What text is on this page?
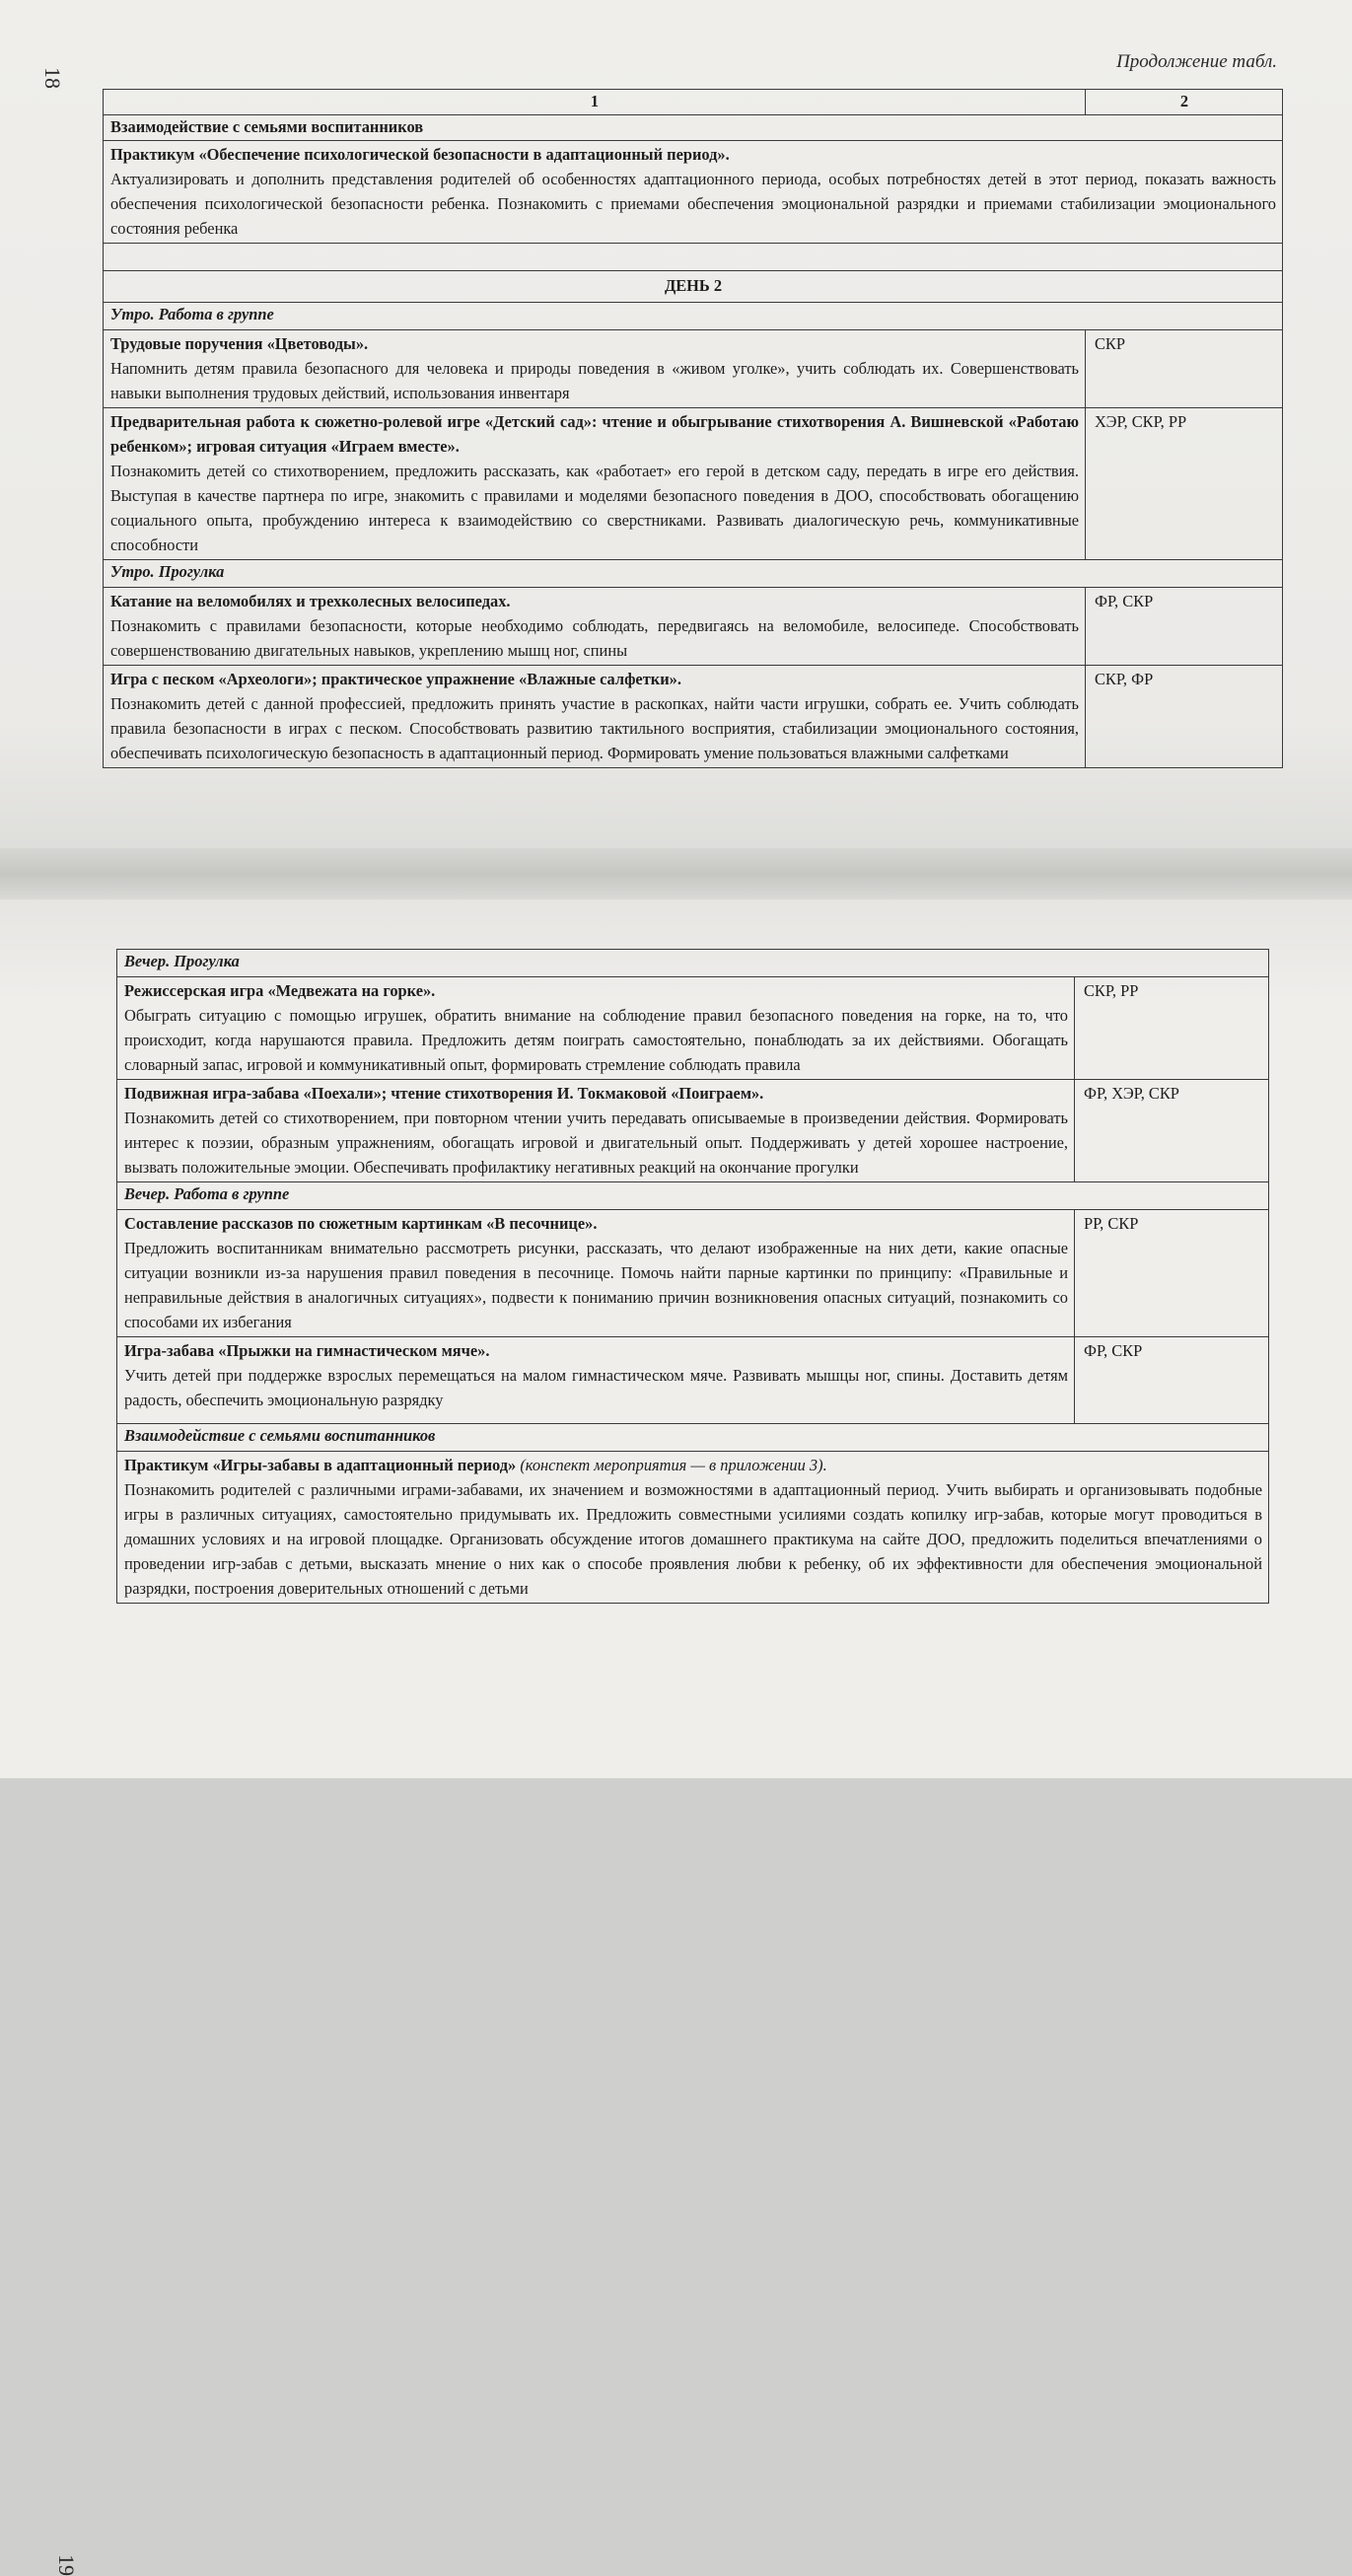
18
Продолжение табл.
1	2
Взаимодействие с семьями воспитанников	

Практикум «Обеспечение психологической безопасности в адаптационный период».
Актуализировать и дополнить представления родителей об особенностях адаптационного периода, особых потребностях детей в этот период, показать важность обеспечения психологической безопасности ребенка. Познакомить с приемами обеспечения эмоциональной разрядки и приемами стабилизации эмоционального состояния ребенка	

ДЕНЬ 2	
Утро. Работа в группе	

Трудовые поручения «Цветоводы».
Напомнить детям правила безопасного для человека и природы поведения в «живом уголке», учить соблюдать их. Совершенствовать навыки выполнения трудовых действий, использования инвентаря	СКР

Предварительная работа к сюжетно-ролевой игре «Детский сад»: чтение и обыгрывание стихотворения А. Вишневской «Работаю ребенком»; игровая ситуация «Играем вместе».
Познакомить детей со стихотворением, предложить рассказать, как «работает» его герой в детском саду, передать в игре его действия. Выступая в качестве партнера по игре, знакомить с правилами и моделями безопасного поведения в ДОО, способствовать обогащению социального опыта, пробуждению интереса к взаимодействию со сверстниками. Развивать диалогическую речь, коммуникативные способности	ХЭР, СКР, РР
Утро. Прогулка	

Катание на веломобилях и трехколесных велосипедах.
Познакомить с правилами безопасности, которые необходимо соблюдать, передвигаясь на веломобиле, велосипеде. Способствовать совершенствованию двигательных навыков, укреплению мышц ног, спины	ФР, СКР

Игра с песком «Археологи»; практическое упражнение «Влажные салфетки».
Познакомить детей с данной профессией, предложить принять участие в раскопках, найти части игрушки, собрать ее. Учить соблюдать правила безопасности в играх с песком. Способствовать развитию тактильного восприятия, стабилизации эмоционального состояния, обеспечивать психологическую безопасность в адаптационный период. Формировать умение пользоваться влажными салфетками	СКР, ФР
19
Вечер. Прогулка	

Режиссерская игра «Медвежата на горке».
Обыграть ситуацию с помощью игрушек, обратить внимание на соблюдение правил безопасного поведения на горке, на то, что происходит, когда нарушаются правила. Предложить детям поиграть самостоятельно, понаблюдать за их действиями. Обогащать словарный запас, игровой и коммуникативный опыт, формировать стремление соблюдать правила	СКР, РР

Подвижная игра-забава «Поехали»; чтение стихотворения И. Токмаковой «Поиграем».
Познакомить детей со стихотворением, при повторном чтении учить передавать описываемые в произведении действия. Формировать интерес к поэзии, образным упражнениям, обогащать игровой и двигательный опыт. Поддерживать у детей хорошее настроение, вызвать положительные эмоции. Обеспечивать профилактику негативных реакций на окончание прогулки	ФР, ХЭР, СКР
Вечер. Работа в группе	

Составление рассказов по сюжетным картинкам «В песочнице».
Предложить воспитанникам внимательно рассмотреть рисунки, рассказать, что делают изображенные на них дети, какие опасные ситуации возникли из-за нарушения правил поведения в песочнице. Помочь найти парные картинки по принципу: «Правильные и неправильные действия в аналогичных ситуациях», подвести к пониманию причин возникновения опасных ситуаций, познакомить со способами их избегания	РР, СКР

Игра-забава «Прыжки на гимнастическом мяче».
Учить детей при поддержке взрослых перемещаться на малом гимнастическом мяче. Развивать мышцы ног, спины. Доставить детям радость, обеспечить эмоциональную разрядку	ФР, СКР
Взаимодействие с семьями воспитанников	

Практикум «Игры-забавы в адаптационный период» (конспект мероприятия — в приложении 3).
Познакомить родителей с различными играми-забавами, их значением и возможностями в адаптационный период. Учить выбирать и организовывать подобные игры в различных ситуациях, самостоятельно придумывать их. Предложить совместными усилиями создать копилку игр-забав, которые могут проводиться в домашних условиях и на игровой площадке. Организовать обсуждение итогов домашнего практикума на сайте ДОО, предложить поделиться впечатлениями о проведении игр-забав с детьми, высказать мнение о них как о способе проявления любви к ребенку, об их эффективности для обеспечения эмоциональной разрядки, построения доверительных отношений с детьми	
